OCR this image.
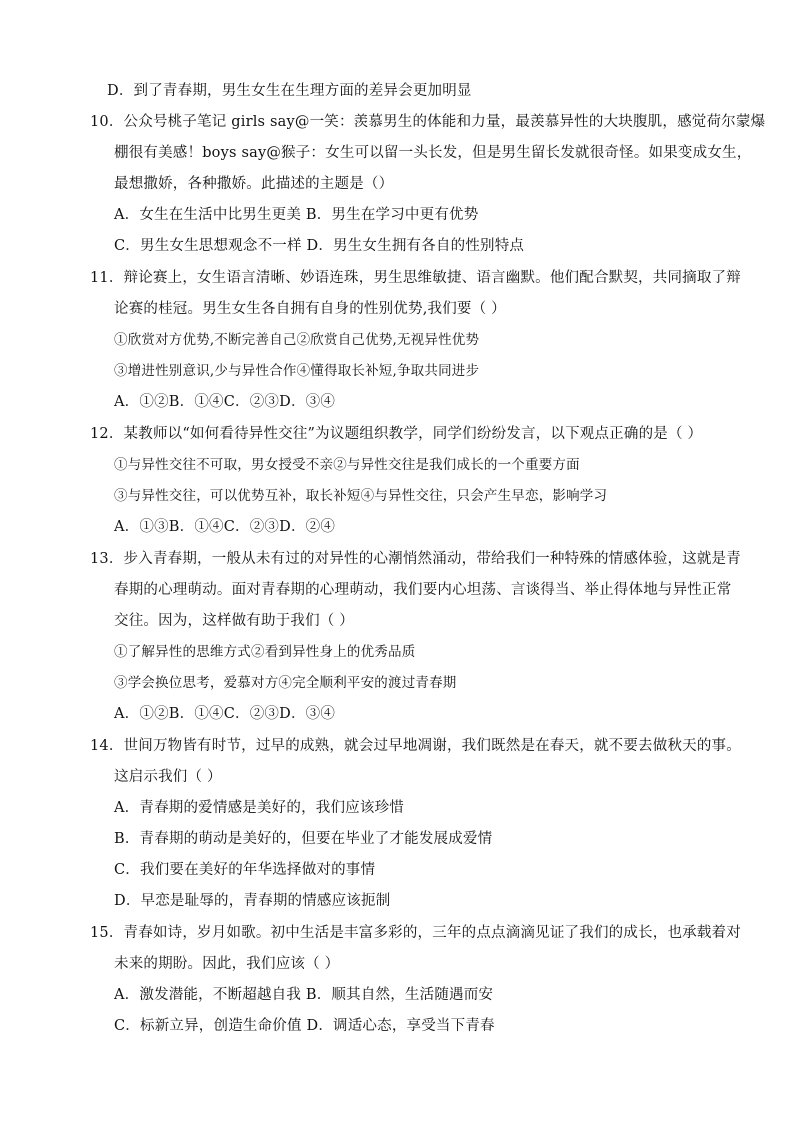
D．到了青春期，男生女生在生理方面的差异会更加明显
10．公众号桃子笔记 girls say@一笑：羡慕男生的体能和力量，最羡慕异性的大块腹肌，感觉荷尔蒙爆
棚很有美感！boys say@猴子：女生可以留一头长发，但是男生留长发就很奇怪。如果变成女生，
最想撒娇，各种撒娇。此描述的主题是（）
A．女生在生活中比男生更美 B．男生在学习中更有优势
C．男生女生思想观念不一样 D．男生女生拥有各自的性别特点
11．辩论赛上，女生语言清晰、妙语连珠，男生思维敏捷、语言幽默。他们配合默契，共同摘取了辩
论赛的桂冠。男生女生各自拥有自身的性别优势,我们要（ ）
①欣赏对方优势,不断完善自己②欣赏自己优势,无视异性优势
③增进性别意识,少与异性合作④懂得取长补短,争取共同进步
A．①②B．①④C．②③D．③④
12．某教师以“如何看待异性交往”为议题组织教学，同学们纷纷发言，以下观点正确的是（ ）
①与异性交往不可取，男女授受不亲②与异性交往是我们成长的一个重要方面
③与异性交往，可以优势互补，取长补短④与异性交往，只会产生早恋，影响学习
A．①③B．①④C．②③D．②④
13．步入青春期，一般从未有过的对异性的心潮悄然涌动，带给我们一种特殊的情感体验，这就是青
春期的心理萌动。面对青春期的心理萌动，我们要内心坦荡、言谈得当、举止得体地与异性正常
交往。因为，这样做有助于我们（ ）
①了解异性的思维方式②看到异性身上的优秀品质
③学会换位思考，爱慕对方④完全顺利平安的渡过青春期
A．①②B．①④C．②③D．③④
14．世间万物皆有时节，过早的成熟，就会过早地凋谢，我们既然是在春天，就不要去做秋天的事。
这启示我们（ ）
A．青春期的爱情感是美好的，我们应该珍惜
B．青春期的萌动是美好的，但要在毕业了才能发展成爱情
C．我们要在美好的年华选择做对的事情
D．早恋是耻辱的，青春期的情感应该扼制
15．青春如诗，岁月如歌。初中生活是丰富多彩的，三年的点点滴滴见证了我们的成长，也承载着对
未来的期盼。因此，我们应该（ ）
A．激发潜能，不断超越自我 B．顺其自然，生活随遇而安
C．标新立异，创造生命价值 D．调适心态，享受当下青春
